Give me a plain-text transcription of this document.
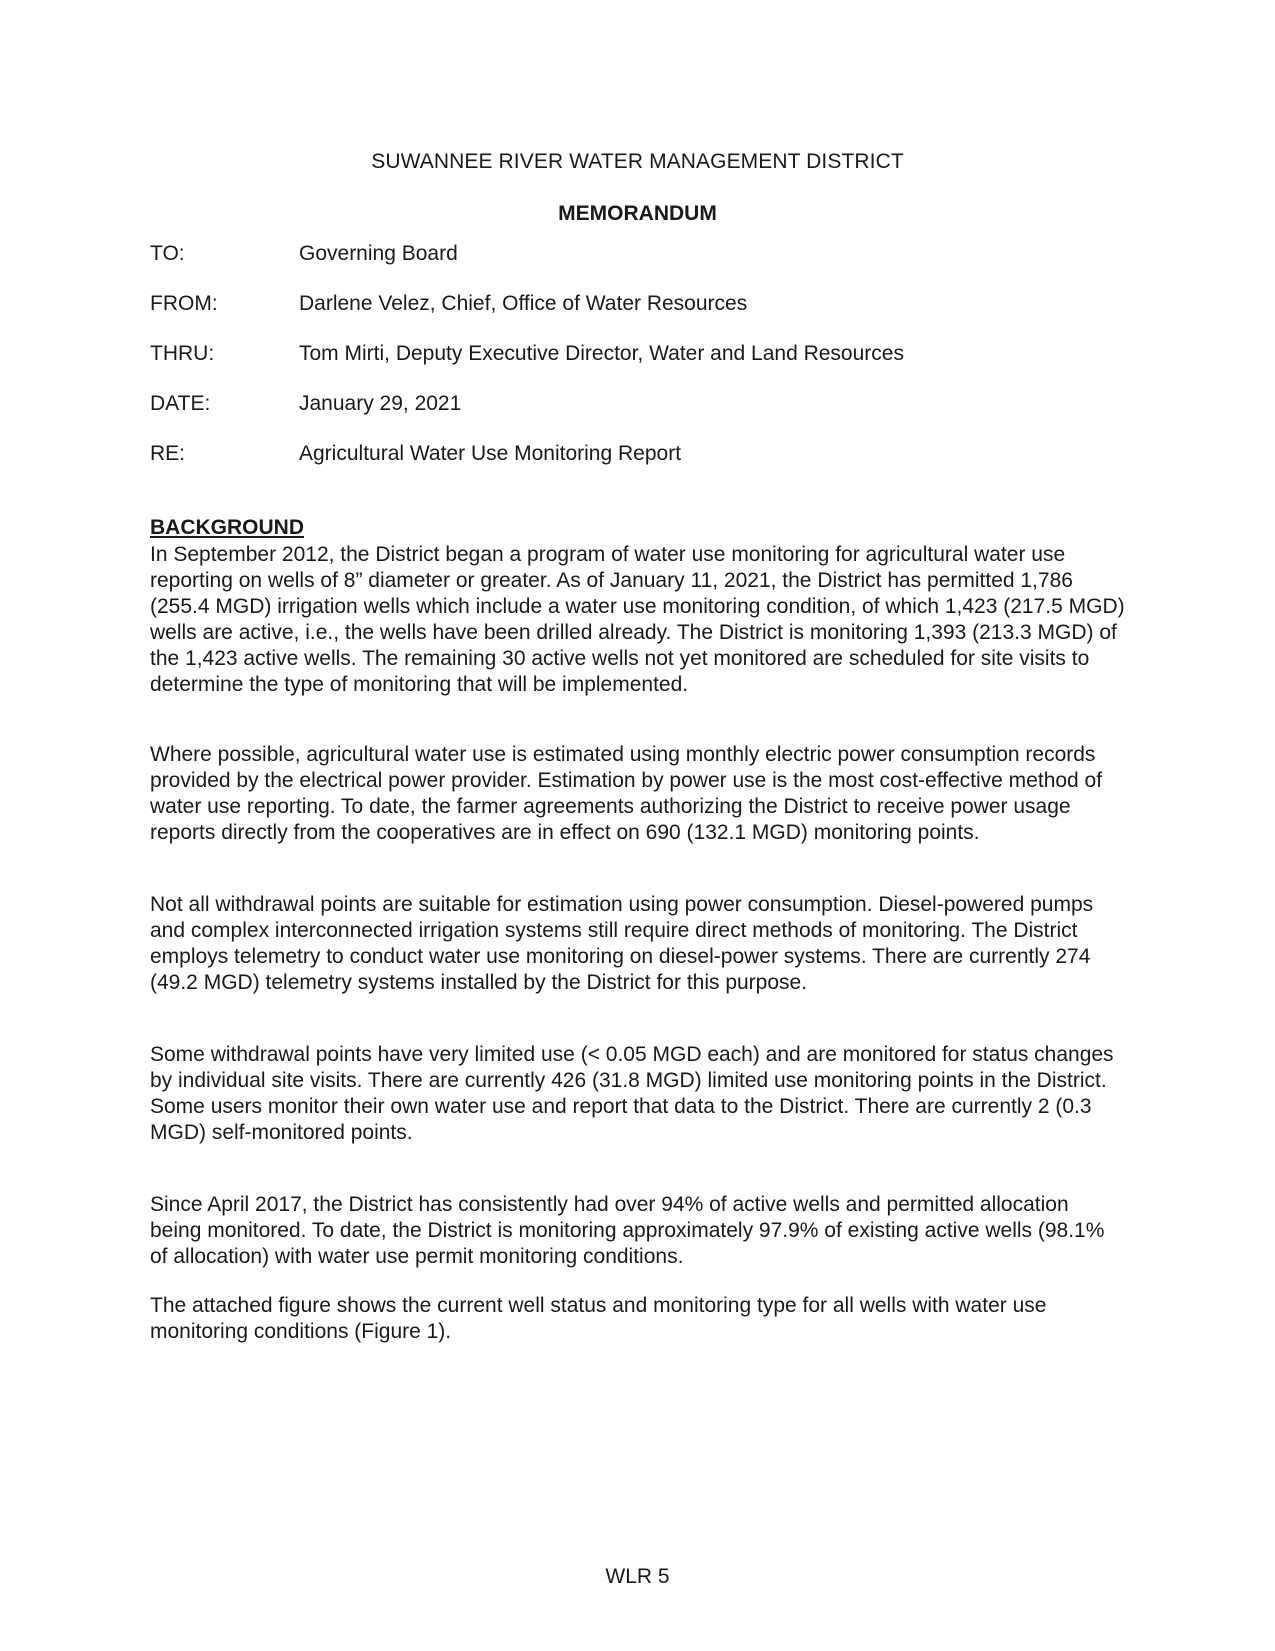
SUWANNEE RIVER WATER MANAGEMENT DISTRICT
MEMORANDUM
TO:	Governing Board
FROM:	Darlene Velez, Chief, Office of Water Resources
THRU:	Tom Mirti, Deputy Executive Director, Water and Land Resources
DATE:	January 29, 2021
RE:	Agricultural Water Use Monitoring Report
BACKGROUND

In September 2012, the District began a program of water use monitoring for agricultural water use reporting on wells of 8” diameter or greater. As of January 11, 2021, the District has permitted 1,786 (255.4 MGD) irrigation wells which include a water use monitoring condition, of which 1,423 (217.5 MGD) wells are active, i.e., the wells have been drilled already. The District is monitoring 1,393 (213.3 MGD) of the 1,423 active wells. The remaining 30 active wells not yet monitored are scheduled for site visits to determine the type of monitoring that will be implemented.

Where possible, agricultural water use is estimated using monthly electric power consumption records provided by the electrical power provider. Estimation by power use is the most cost-effective method of water use reporting. To date, the farmer agreements authorizing the District to receive power usage reports directly from the cooperatives are in effect on 690 (132.1 MGD) monitoring points.

Not all withdrawal points are suitable for estimation using power consumption. Diesel-powered pumps and complex interconnected irrigation systems still require direct methods of monitoring. The District employs telemetry to conduct water use monitoring on diesel-power systems. There are currently 274 (49.2 MGD) telemetry systems installed by the District for this purpose.

Some withdrawal points have very limited use (< 0.05 MGD each) and are monitored for status changes by individual site visits. There are currently 426 (31.8 MGD) limited use monitoring points in the District. Some users monitor their own water use and report that data to the District. There are currently 2 (0.3 MGD) self-monitored points.

Since April 2017, the District has consistently had over 94% of active wells and permitted allocation being monitored. To date, the District is monitoring approximately 97.9% of existing active wells (98.1% of allocation) with water use permit monitoring conditions.

The attached figure shows the current well status and monitoring type for all wells with water use monitoring conditions (Figure 1).

WLR 5
